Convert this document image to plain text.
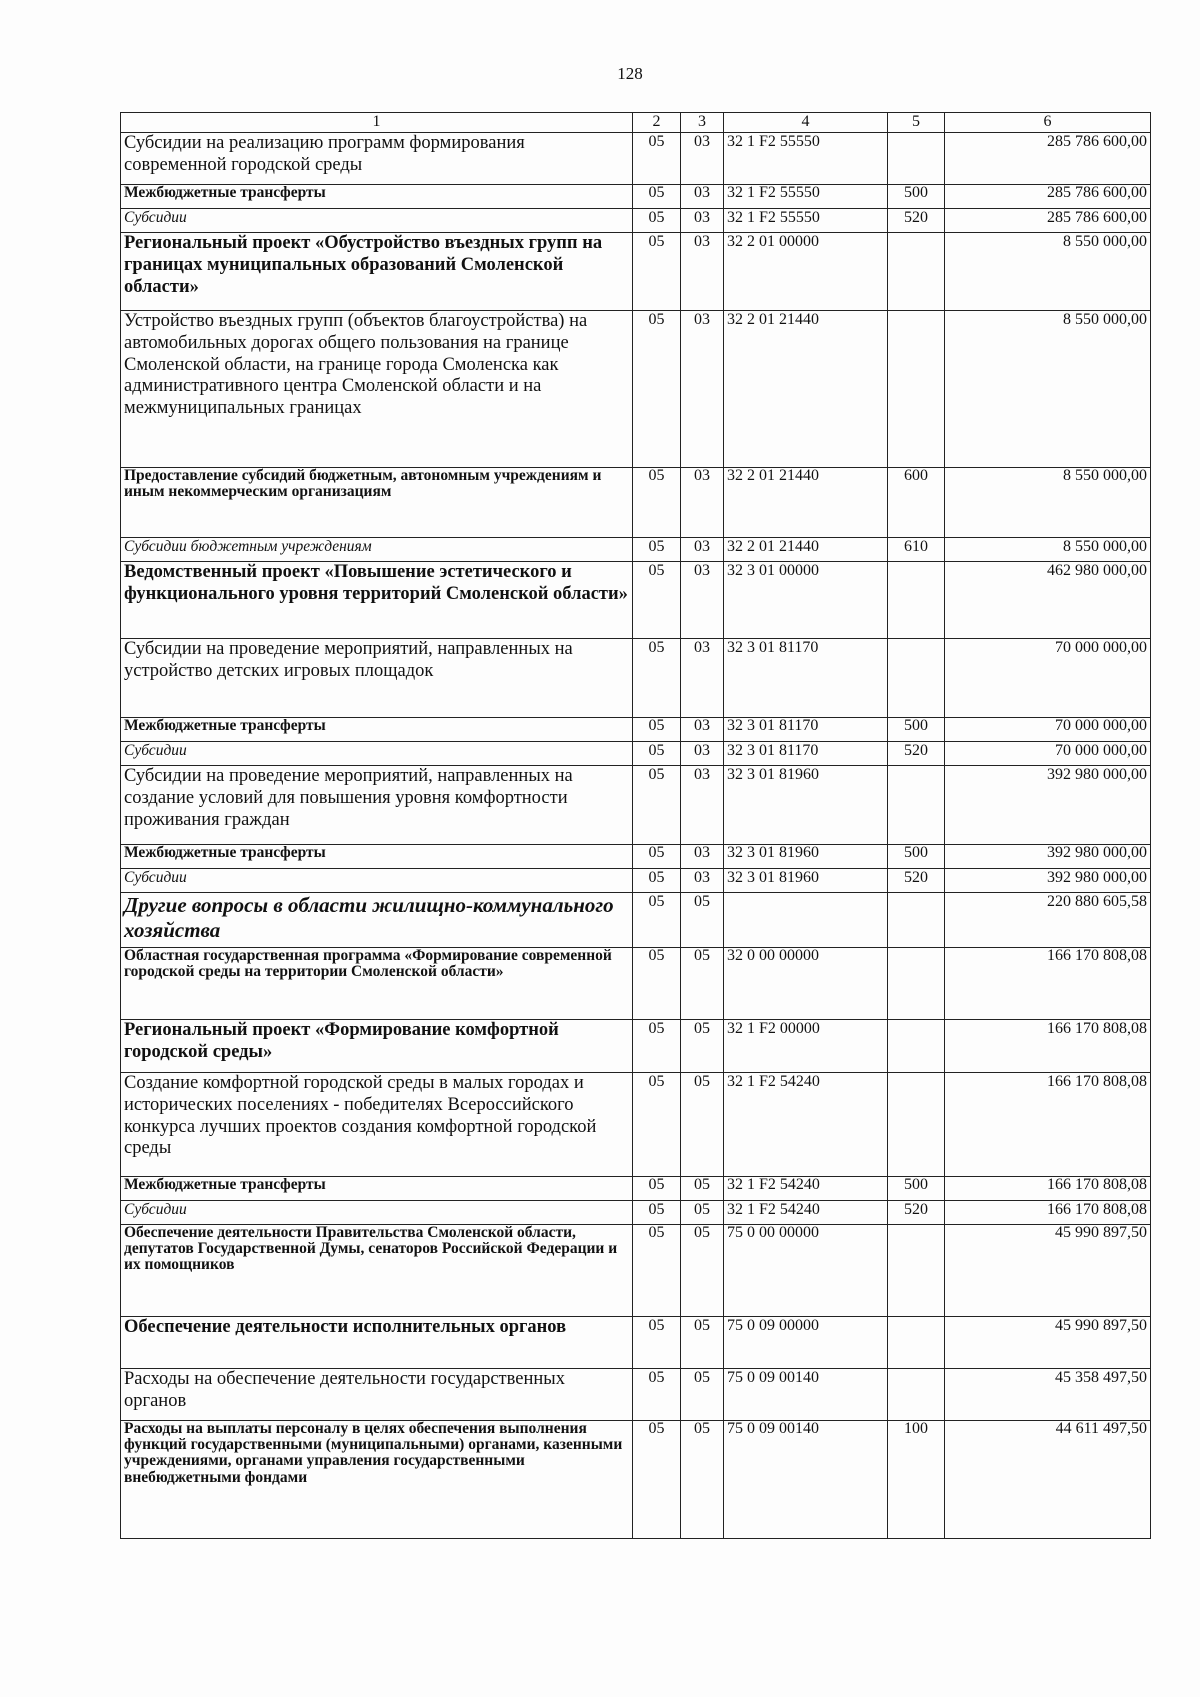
128
1	2	3	4	5	6
Субсидии на реализацию программ формирования современной городской среды	05	03	32 1 F2 55550		285 786 600,00
Межбюджетные трансферты	05	03	32 1 F2 55550	500	285 786 600,00
Субсидии	05	03	32 1 F2 55550	520	285 786 600,00
Региональный проект «Обустройство въездных групп на границах муниципальных образований Смоленской области»	05	03	32 2 01 00000		8 550 000,00
Устройство въездных групп (объектов благоустройства) на автомобильных дорогах общего пользования на границе Смоленской области, на границе города Смоленска как административного центра Смоленской области и на межмуниципальных границах	05	03	32 2 01 21440		8 550 000,00
Предоставление субсидий бюджетным, автономным учреждениям и иным некоммерческим организациям	05	03	32 2 01 21440	600	8 550 000,00
Субсидии бюджетным учреждениям	05	03	32 2 01 21440	610	8 550 000,00
Ведомственный проект «Повышение эстетического и функционального уровня территорий Смоленской области»	05	03	32 3 01 00000		462 980 000,00
Субсидии на проведение мероприятий, направленных на устройство детских игровых площадок	05	03	32 3 01 81170		70 000 000,00
Межбюджетные трансферты	05	03	32 3 01 81170	500	70 000 000,00
Субсидии	05	03	32 3 01 81170	520	70 000 000,00
Субсидии на проведение мероприятий, направленных на создание условий для повышения уровня комфортности проживания граждан	05	03	32 3 01 81960		392 980 000,00
Межбюджетные трансферты	05	03	32 3 01 81960	500	392 980 000,00
Субсидии	05	03	32 3 01 81960	520	392 980 000,00
Другие вопросы в области жилищно-коммунального хозяйства	05	05			220 880 605,58
Областная государственная программа «Формирование современной городской среды на территории Смоленской области»	05	05	32 0 00 00000		166 170 808,08
Региональный проект «Формирование комфортной городской среды»	05	05	32 1 F2 00000		166 170 808,08
Создание комфортной городской среды в малых городах и исторических поселениях - победителях Всероссийского конкурса лучших проектов создания комфортной городской среды	05	05	32 1 F2 54240		166 170 808,08
Межбюджетные трансферты	05	05	32 1 F2 54240	500	166 170 808,08
Субсидии	05	05	32 1 F2 54240	520	166 170 808,08
Обеспечение деятельности Правительства Смоленской области, депутатов Государственной Думы, сенаторов Российской Федерации и их помощников	05	05	75 0 00 00000		45 990 897,50
Обеспечение деятельности исполнительных органов	05	05	75 0 09 00000		45 990 897,50
Расходы на обеспечение деятельности государственных органов	05	05	75 0 09 00140		45 358 497,50
Расходы на выплаты персоналу в целях обеспечения выполнения функций государственными (муниципальными) органами, казенными учреждениями, органами управления государственными внебюджетными фондами	05	05	75 0 09 00140	100	44 611 497,50
